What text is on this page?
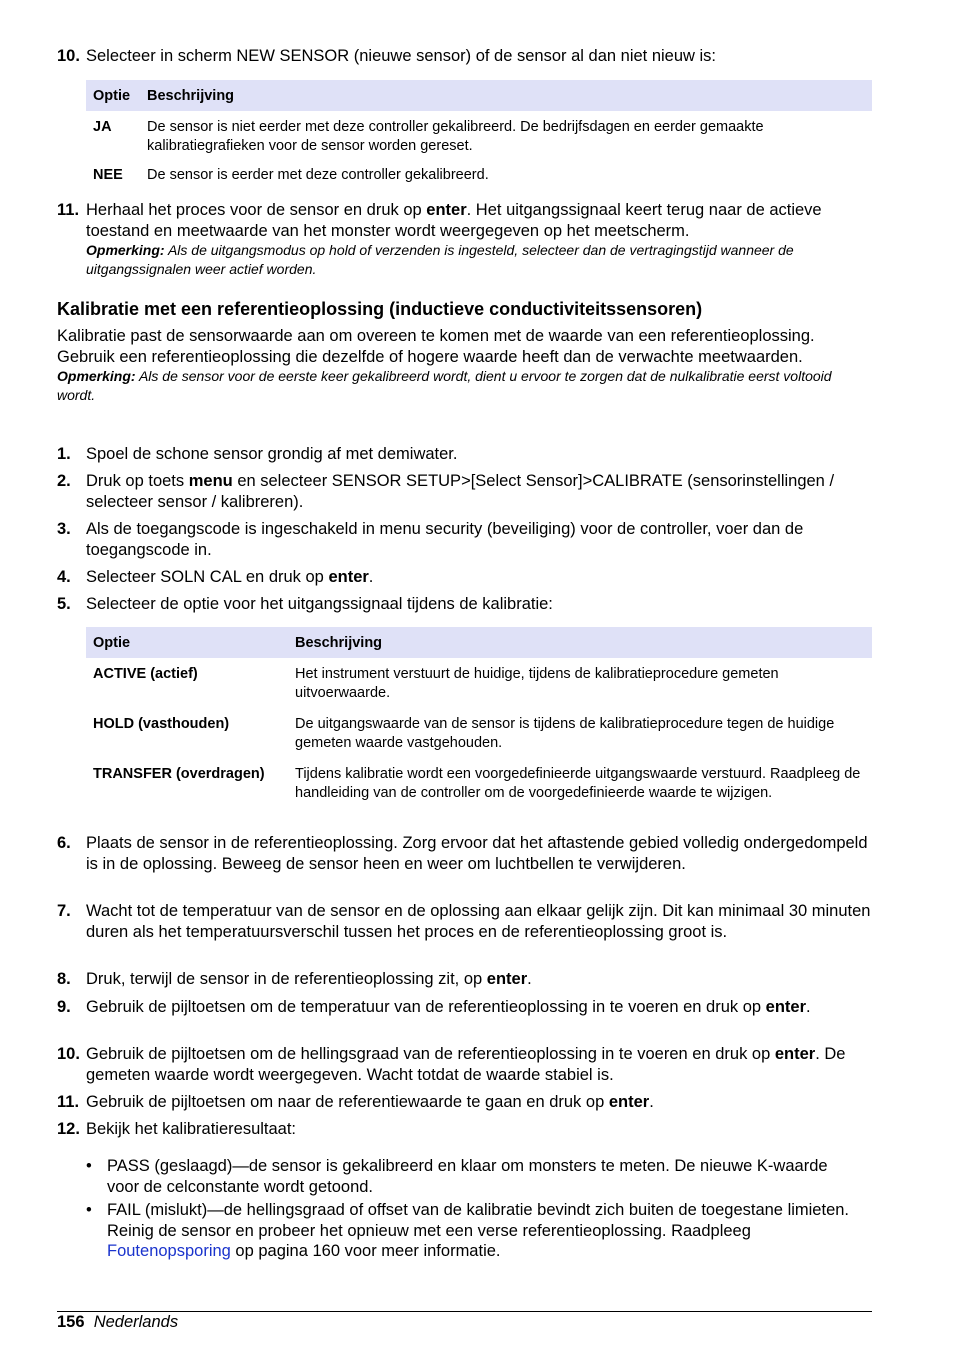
10. Selecteer in scherm NEW SENSOR (nieuwe sensor) of de sensor al dan niet nieuw is:
Optie	Beschrijving
JA	De sensor is niet eerder met deze controller gekalibreerd. De bedrijfsdagen en eerder gemaakte kalibratiegrafieken voor de sensor worden gereset.
NEE	De sensor is eerder met deze controller gekalibreerd.
11. Herhaal het proces voor de sensor en druk op enter. Het uitgangssignaal keert terug naar de actieve toestand en meetwaarde van het monster wordt weergegeven op het meetscherm.
Opmerking: Als de uitgangsmodus op hold of verzenden is ingesteld, selecteer dan de vertragingstijd wanneer de uitgangssignalen weer actief worden.
Kalibratie met een referentieoplossing (inductieve conductiviteitssensoren)
Kalibratie past de sensorwaarde aan om overeen te komen met de waarde van een referentieoplossing. Gebruik een referentieoplossing die dezelfde of hogere waarde heeft dan de verwachte meetwaarden.
Opmerking: Als de sensor voor de eerste keer gekalibreerd wordt, dient u ervoor te zorgen dat de nulkalibratie eerst voltooid wordt.
1. Spoel de schone sensor grondig af met demiwater.
2. Druk op toets menu en selecteer SENSOR SETUP>[Select Sensor]>CALIBRATE (sensorinstellingen / selecteer sensor / kalibreren).
3. Als de toegangscode is ingeschakeld in menu security (beveiliging) voor de controller, voer dan de toegangscode in.
4. Selecteer SOLN CAL en druk op enter.
5. Selecteer de optie voor het uitgangssignaal tijdens de kalibratie:
Optie	Beschrijving
ACTIVE (actief)	Het instrument verstuurt de huidige, tijdens de kalibratieprocedure gemeten uitvoerwaarde.
HOLD (vasthouden)	De uitgangswaarde van de sensor is tijdens de kalibratieprocedure tegen de huidige gemeten waarde vastgehouden.
TRANSFER (overdragen)	Tijdens kalibratie wordt een voorgedefinieerde uitgangswaarde verstuurd. Raadpleeg de handleiding van de controller om de voorgedefinieerde waarde te wijzigen.
6. Plaats de sensor in de referentieoplossing. Zorg ervoor dat het aftastende gebied volledig ondergedompeld is in de oplossing. Beweeg de sensor heen en weer om luchtbellen te verwijderen.
7. Wacht tot de temperatuur van de sensor en de oplossing aan elkaar gelijk zijn. Dit kan minimaal 30 minuten duren als het temperatuursverschil tussen het proces en de referentieoplossing groot is.
8. Druk, terwijl de sensor in de referentieoplossing zit, op enter.
9. Gebruik de pijltoetsen om de temperatuur van de referentieoplossing in te voeren en druk op enter.
10. Gebruik de pijltoetsen om de hellingsgraad van de referentieoplossing in te voeren en druk op enter. De gemeten waarde wordt weergegeven. Wacht totdat de waarde stabiel is.
11. Gebruik de pijltoetsen om naar de referentiewaarde te gaan en druk op enter.
12. Bekijk het kalibratieresultaat:
• PASS (geslaagd)—de sensor is gekalibreerd en klaar om monsters te meten. De nieuwe K-waarde voor de celconstante wordt getoond.
• FAIL (mislukt)—de hellingsgraad of offset van de kalibratie bevindt zich buiten de toegestane limieten. Reinig de sensor en probeer het opnieuw met een verse referentieoplossing. Raadpleeg Foutenopsporing op pagina 160 voor meer informatie.
156 Nederlands
